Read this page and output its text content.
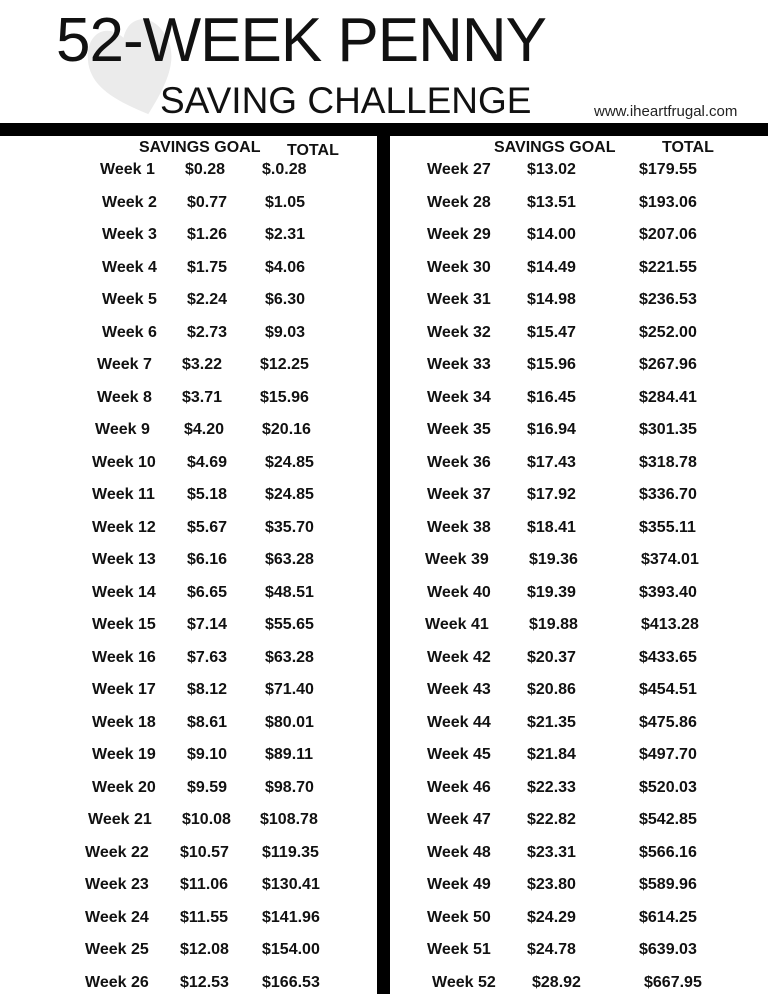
52-WEEK PENNY
SAVING CHALLENGE	www.iheartfrugal.com
SAVINGS GOAL TOTAL	SAVINGS GOAL	TOTAL
Week 1 $0.28 $.0.28
Week 2 $0.77 $1.05
Week 3 $1.26 $2.31
Week 4 $1.75 $4.06
Week 5 $2.24 $6.30
Week 6 $2.73 $9.03
Week 7 $3.22 $12.25
Week 8 $3.71 $15.96
Week 9 $4.20 $20.16
Week 10 $4.69 $24.85
Week 11 $5.18 $24.85
Week 12 $5.67 $35.70
Week 13 $6.16 $63.28
Week 14 $6.65 $48.51
Week 15 $7.14 $55.65
Week 16 $7.63 $63.28
Week 17 $8.12 $71.40
Week 18 $8.61 $80.01
Week 19 $9.10 $89.11
Week 20 $9.59 $98.70
Week 21 $10.08 $108.78
Week 22 $10.57 $119.35
Week 23 $11.06 $130.41
Week 24 $11.55 $141.96
Week 25 $12.08 $154.00
Week 26 $12.53 $166.53
Week 27 $13.02	$179.55
Week 28 $13.51	$193.06
Week 29 $14.00	$207.06
Week 30 $14.49	$221.55
Week 31 $14.98	$236.53
Week 32 $15.47	$252.00
Week 33 $15.96	$267.96
Week 34 $16.45	$284.41
Week 35 $16.94	$301.35
Week 36 $17.43	$318.78
Week 37 $17.92	$336.70
Week 38 $18.41	$355.11
Week 39	$19.36	$374.01
Week 40 $19.39	$393.40
Week 41	$19.88	$413.28
Week 42 $20.37	$433.65
Week 43 $20.86	$454.51
Week 44 $21.35	$475.86
Week 45 $21.84	$497.70
Week 46 $22.33	$520.03
Week 47 $22.82	$542.85
Week 48 $23.31	$566.16
Week 49 $23.80	$589.96
Week 50 $24.29	$614.25
Week 51 $24.78	$639.03
Week 52 $28.92	$667.95
